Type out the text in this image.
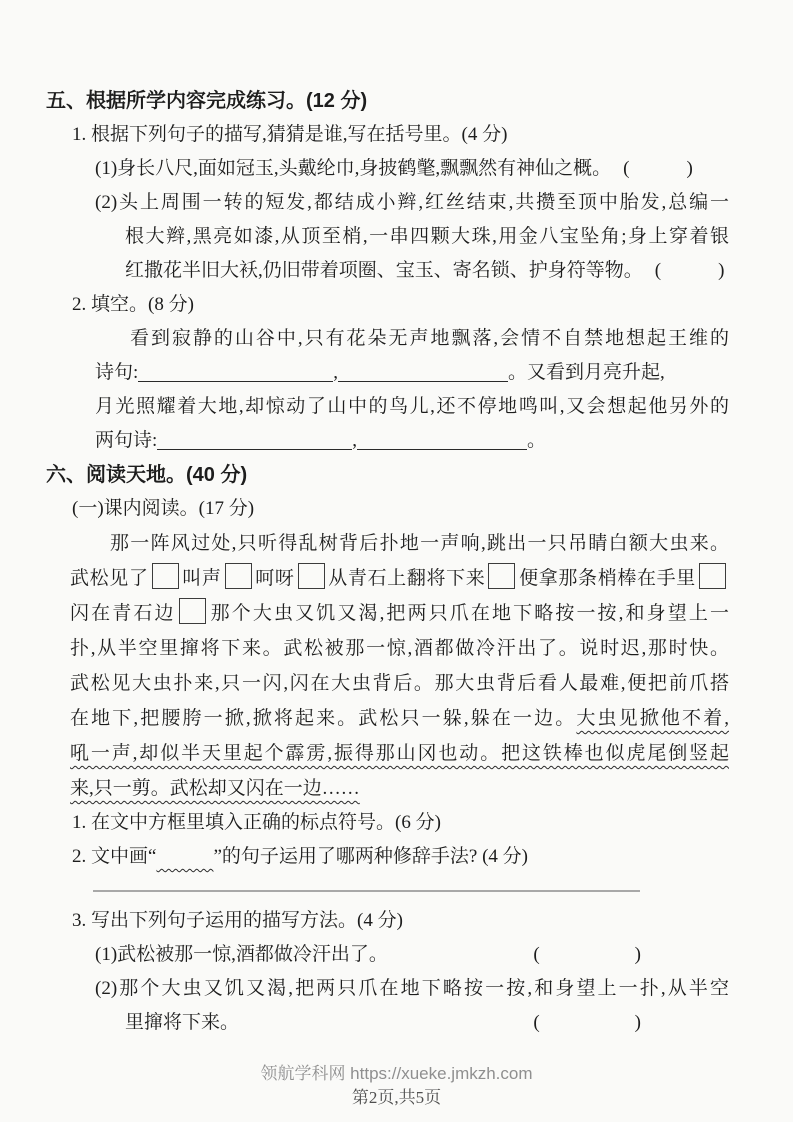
五、根据所学内容完成练习。(12 分)
1. 根据下列句子的描写,猜猜是谁,写在括号里。(4 分)
(1)身长八尺,面如冠玉,头戴纶巾,身披鹤氅,飘飘然有神仙之概。 (　　　)
(2)头上周围一转的短发,都结成小辫,红丝结束,共攒至顶中胎发,总编一
根大辫,黑亮如漆,从顶至梢,一串四颗大珠,用金八宝坠角;身上穿着银
红撒花半旧大袄,仍旧带着项圈、宝玉、寄名锁、护身符等物。 (　　　)
2. 填空。(8 分)
看到寂静的山谷中,只有花朵无声地飘落,会情不自禁地想起王维的
诗句:	,	。又看到月亮升起,
月光照耀着大地,却惊动了山中的鸟儿,还不停地鸣叫,又会想起他另外的
两句诗:	,	。
六、阅读天地。(40 分)
(一)课内阅读。(17 分)
那一阵风过处,只听得乱树背后扑地一声响,跳出一只吊睛白额大虫来。
武松见了 叫声 呵呀 从青石上翻将下来 便拿那条梢棒在手里
闪在青石边 那个大虫又饥又渴,把两只爪在地下略按一按,和身望上一
扑,从半空里撺将下来。武松被那一惊,酒都做冷汗出了。说时迟,那时快。
武松见大虫扑来,只一闪,闪在大虫背后。那大虫背后看人最难,便把前爪搭
在地下,把腰胯一掀,掀将起来。武松只一躲,躲在一边。大虫见掀他不着,
吼一声,却似半天里起个霹雳,振得那山冈也动。把这铁棒也似虎尾倒竖起
来,只一剪。武松却又闪在一边……
1. 在文中方框里填入正确的标点符号。(6 分)
2. 文中画“　　　	”的句子运用了哪两种修辞手法? (4 分)
3. 写出下列句子运用的描写方法。(4 分)
(1)武松被那一惊,酒都做冷汗出了。	(　　　　　)
(2)那个大虫又饥又渴,把两只爪在地下略按一按,和身望上一扑,从半空
里撺将下来。	(　　　　　)
领航学科网 https://xueke.jmkzh.com
第2页,共5页
